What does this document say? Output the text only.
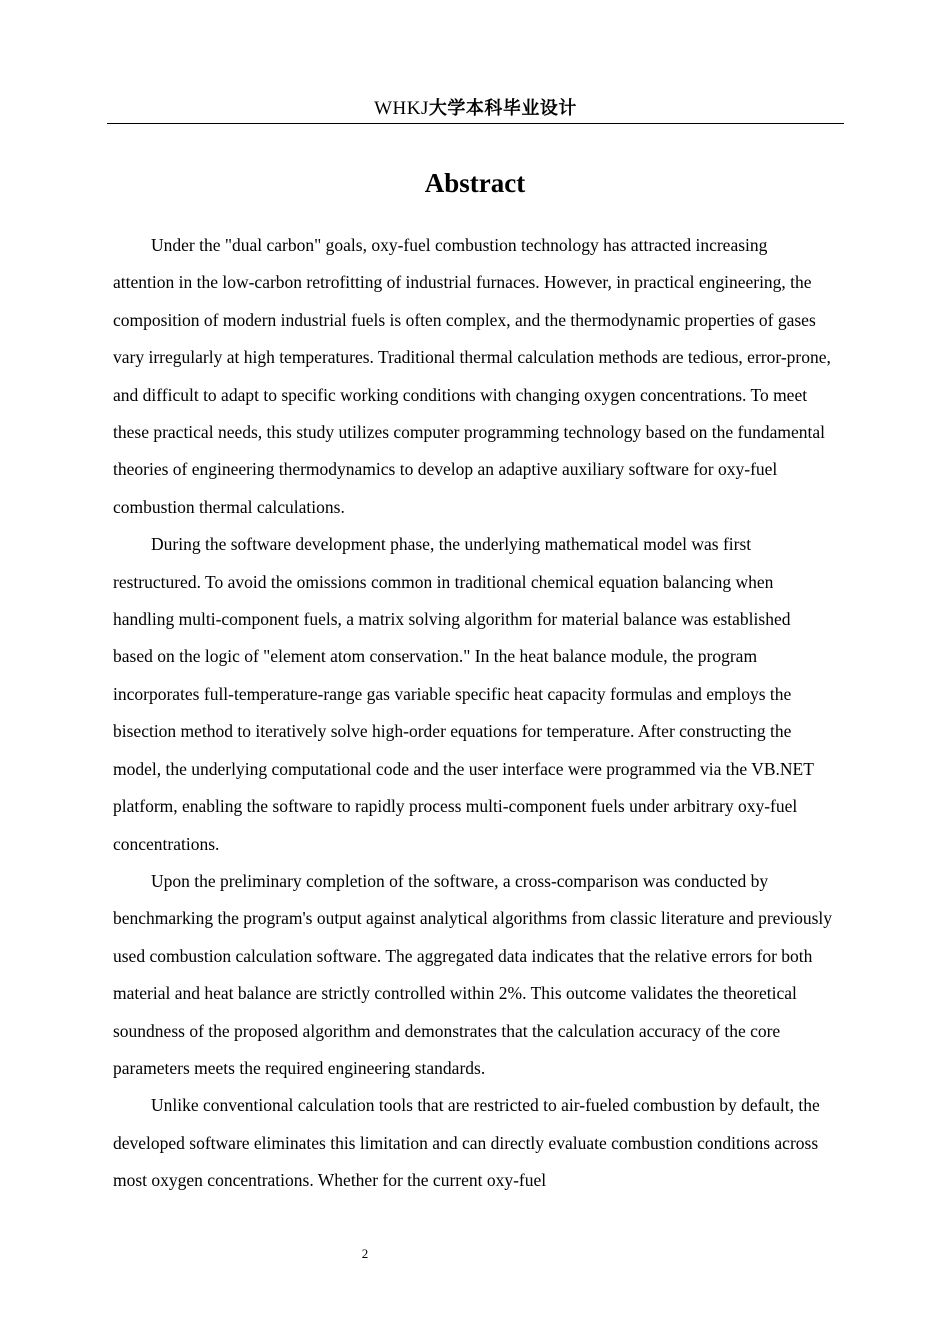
WHKJ大学本科毕业设计
Abstract

Under the "dual carbon" goals, oxy-fuel combustion technology has attracted increasing attention in the low-carbon retrofitting of industrial furnaces. However, in practical engineering, the composition of modern industrial fuels is often complex, and the thermodynamic properties of gases vary irregularly at high temperatures. Traditional thermal calculation methods are tedious, error-prone, and difficult to adapt to specific working conditions with changing oxygen concentrations. To meet these practical needs, this study utilizes computer programming technology based on the fundamental theories of engineering thermodynamics to develop an adaptive auxiliary software for oxy-fuel combustion thermal calculations.

During the software development phase, the underlying mathematical model was first restructured. To avoid the omissions common in traditional chemical equation balancing when handling multi-component fuels, a matrix solving algorithm for material balance was established based on the logic of "element atom conservation." In the heat balance module, the program incorporates full-temperature-range gas variable specific heat capacity formulas and employs the bisection method to iteratively solve high-order equations for temperature. After constructing the model, the underlying computational code and the user interface were programmed via the VB.NET platform, enabling the software to rapidly process multi-component fuels under arbitrary oxy-fuel concentrations.

Upon the preliminary completion of the software, a cross-comparison was conducted by benchmarking the program's output against analytical algorithms from classic literature and previously used combustion calculation software. The aggregated data indicates that the relative errors for both material and heat balance are strictly controlled within 2%. This outcome validates the theoretical soundness of the proposed algorithm and demonstrates that the calculation accuracy of the core parameters meets the required engineering standards.

Unlike conventional calculation tools that are restricted to air-fueled combustion by default, the developed software eliminates this limitation and can directly evaluate combustion conditions across most oxygen concentrations. Whether for the current oxy-fuel

2
